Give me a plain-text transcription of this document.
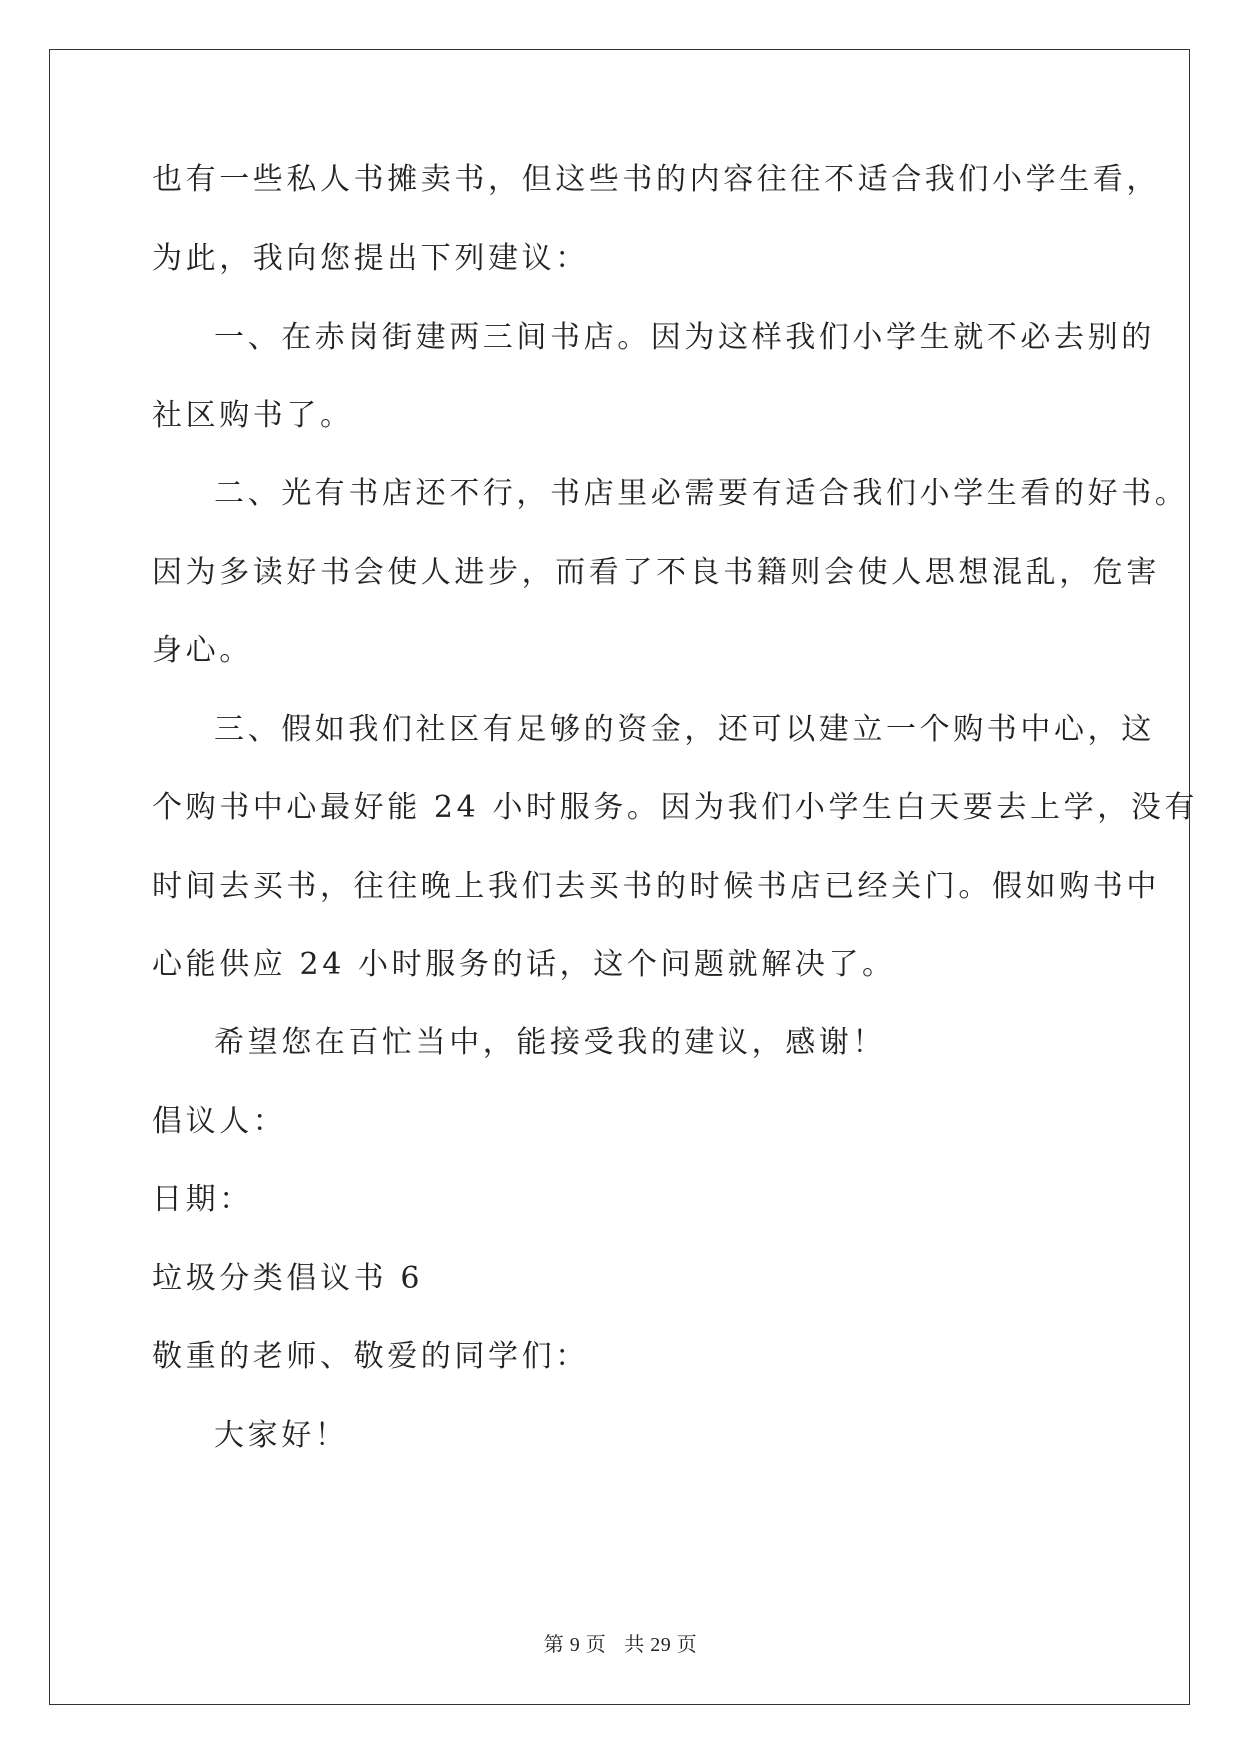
也有一些私人书摊卖书，但这些书的内容往往不适合我们小学生看，
为此，我向您提出下列建议：
一、在赤岗街建两三间书店。因为这样我们小学生就不必去别的
社区购书了。
二、光有书店还不行，书店里必需要有适合我们小学生看的好书。
因为多读好书会使人进步，而看了不良书籍则会使人思想混乱，危害
身心。
三、假如我们社区有足够的资金，还可以建立一个购书中心，这
个购书中心最好能 24 小时服务。因为我们小学生白天要去上学，没有
时间去买书，往往晚上我们去买书的时候书店已经关门。假如购书中
心能供应 24 小时服务的话，这个问题就解决了。
希望您在百忙当中，能接受我的建议，感谢！
倡议人：
日期：
垃圾分类倡议书 6
敬重的老师、敬爱的同学们：
大家好！
第 9 页 共 29 页
